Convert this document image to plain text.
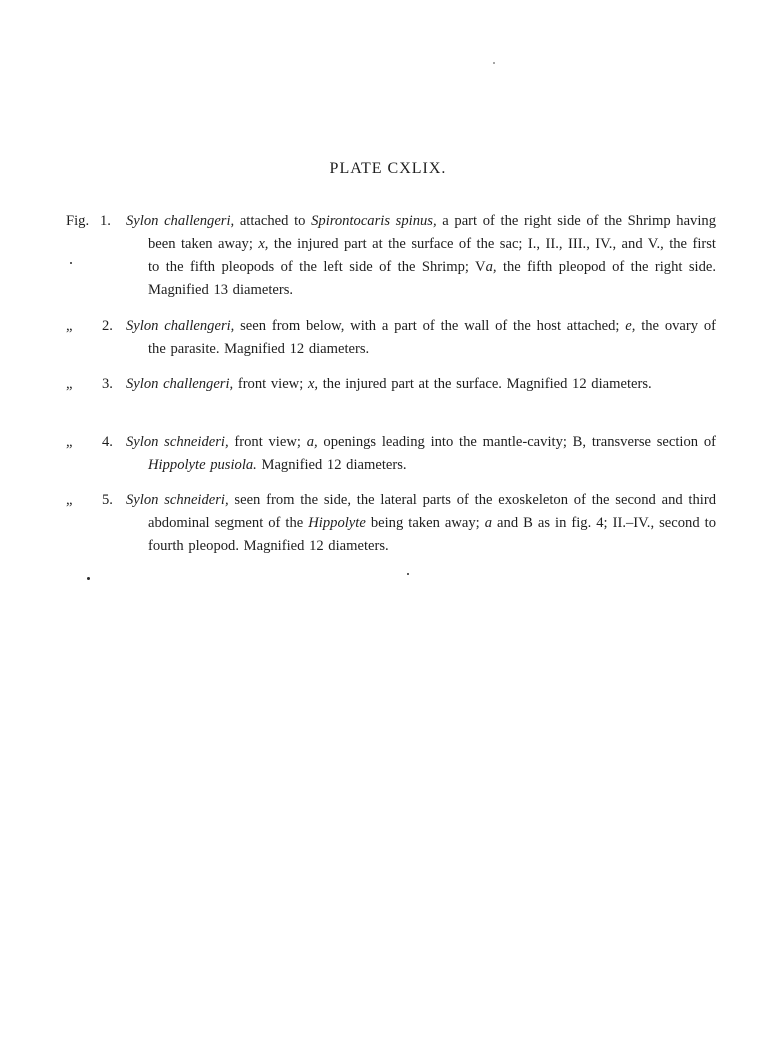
PLATE CXLIX.
Fig. 1.	Sylon challengeri, attached to Spirontocaris spinus, a part of the right side of the Shrimp having been taken away; x, the injured part at the surface of the sac; I., II., III., IV., and V., the first to the fifth pleopods of the left side of the Shrimp; Va, the fifth pleopod of the right side. Magnified 13 diameters.
„ 2. Sylon challengeri, seen from below, with a part of the wall of the host attached; e, the ovary of the parasite. Magnified 12 diameters.
„ 3. Sylon challengeri, front view; x, the injured part at the surface. Magnified 12 diameters.
„ 4. Sylon schneideri, front view; a, openings leading into the mantle-cavity; B, transverse section of Hippolyte pusiola. Magnified 12 diameters.
„ 5. Sylon schneideri, seen from the side, the lateral parts of the exoskeleton of the second and third abdominal segment of the Hippolyte being taken away; a and B as in fig. 4; II.–IV., second to fourth pleopod. Magnified 12 diameters.
